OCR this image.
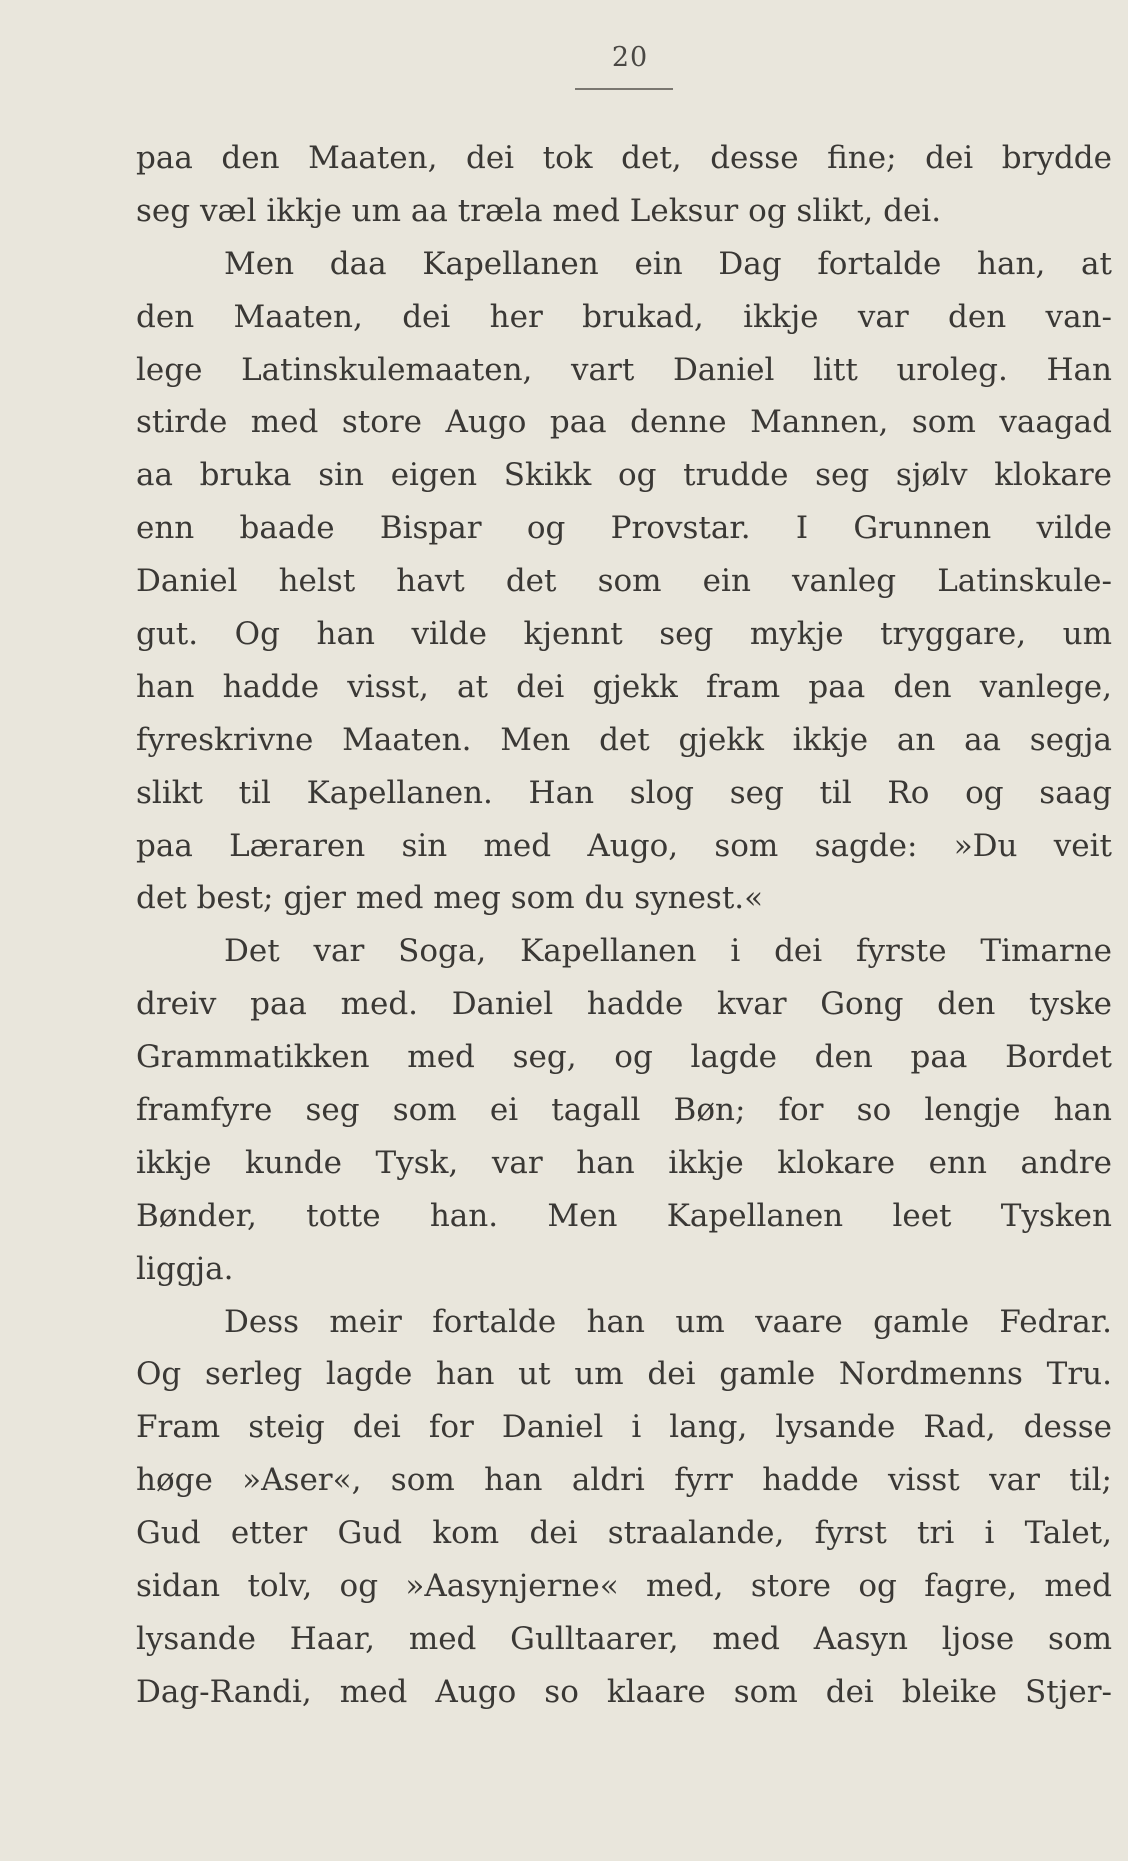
20
paa den Maaten, dei tok det, desse fine; dei brydde
seg væl ikkje um aa træla med Leksur og slikt, dei.
Men daa Kapellanen ein Dag fortalde han, at
den Maaten, dei her brukad, ikkje var den van-
lege Latinskulemaaten, vart Daniel litt uroleg. Han
stirde med store Augo paa denne Mannen, som vaagad
aa bruka sin eigen Skikk og trudde seg sjølv klokare
enn baade Bispar og Provstar. I Grunnen vilde
Daniel helst havt det som ein vanleg Latinskule-
gut. Og han vilde kjennt seg mykje tryggare, um
han hadde visst, at dei gjekk fram paa den vanlege,
fyreskrivne Maaten. Men det gjekk ikkje an aa segja
slikt til Kapellanen. Han slog seg til Ro og saag
paa Læraren sin med Augo, som sagde: »Du veit
det best; gjer med meg som du synest.«
Det var Soga, Kapellanen i dei fyrste Timarne
dreiv paa med. Daniel hadde kvar Gong den tyske
Grammatikken med seg, og lagde den paa Bordet
framfyre seg som ei tagall Bøn; for so lengje han
ikkje kunde Tysk, var han ikkje klokare enn andre
Bønder, totte han. Men Kapellanen leet Tysken
liggja.
Dess meir fortalde han um vaare gamle Fedrar.
Og serleg lagde han ut um dei gamle Nordmenns Tru.
Fram steig dei for Daniel i lang, lysande Rad, desse
høge »Aser«, som han aldri fyrr hadde visst var til;
Gud etter Gud kom dei straalande, fyrst tri i Talet,
sidan tolv, og »Aasynjerne« med, store og fagre, med
lysande Haar, med Gulltaarer, med Aasyn ljose som
Dag-Randi, med Augo so klaare som dei bleike Stjer-
